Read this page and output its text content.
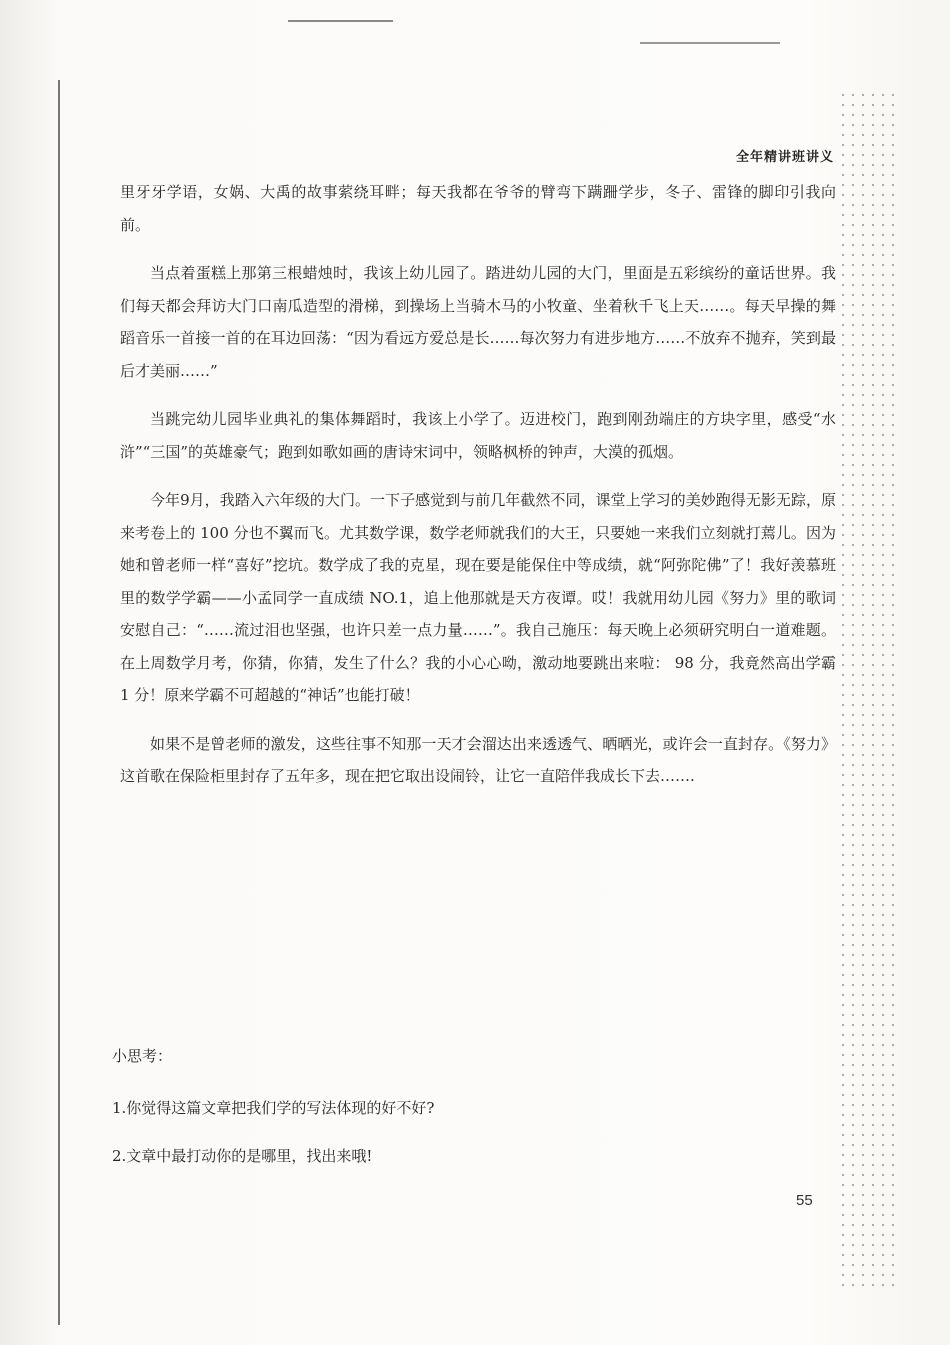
全年精讲班讲义

里牙牙学语，女娲、大禹的故事萦绕耳畔；每天我都在爷爷的臂弯下蹒跚学步，冬子、雷锋的脚印引我向前。

当点着蛋糕上那第三根蜡烛时，我该上幼儿园了。踏进幼儿园的大门，里面是五彩缤纷的童话世界。我们每天都会拜访大门口南瓜造型的滑梯，到操场上当骑木马的小牧童、坐着秋千飞上天……。每天早操的舞蹈音乐一首接一首的在耳边回荡：“因为看远方爱总是长……每次努力有进步地方……不放弃不抛弃，笑到最后才美丽……”

当跳完幼儿园毕业典礼的集体舞蹈时，我该上小学了。迈进校门，跑到刚劲端庄的方块字里，感受“水浒”“三国”的英雄豪气；跑到如歌如画的唐诗宋词中，领略枫桥的钟声，大漠的孤烟。

今年9月，我踏入六年级的大门。一下子感觉到与前几年截然不同，课堂上学习的美妙跑得无影无踪，原来考卷上的 100 分也不翼而飞。尤其数学课，数学老师就我们的大王，只要她一来我们立刻就打蔫儿。因为她和曾老师一样“喜好”挖坑。数学成了我的克星，现在要是能保住中等成绩，就“阿弥陀佛”了！我好羡慕班里的数学学霸——小孟同学一直成绩 NO.1，追上他那就是天方夜谭。哎！我就用幼儿园《努力》里的歌词安慰自己：“……流过泪也坚强，也许只差一点力量……”。我自己施压：每天晚上必须研究明白一道难题。在上周数学月考，你猜，你猜，发生了什么？我的小心心呦，激动地要跳出来啦： 98 分，我竟然高出学霸 1 分！原来学霸不可超越的“神话”也能打破！

如果不是曾老师的激发，这些往事不知那一天才会溜达出来透透气、晒晒光，或许会一直封存。《努力》这首歌在保险柜里封存了五年多，现在把它取出设闹铃，让它一直陪伴我成长下去…….

小思考：
1.你觉得这篇文章把我们学的写法体现的好不好?
2.文章中最打动你的是哪里，找出来哦!
55
